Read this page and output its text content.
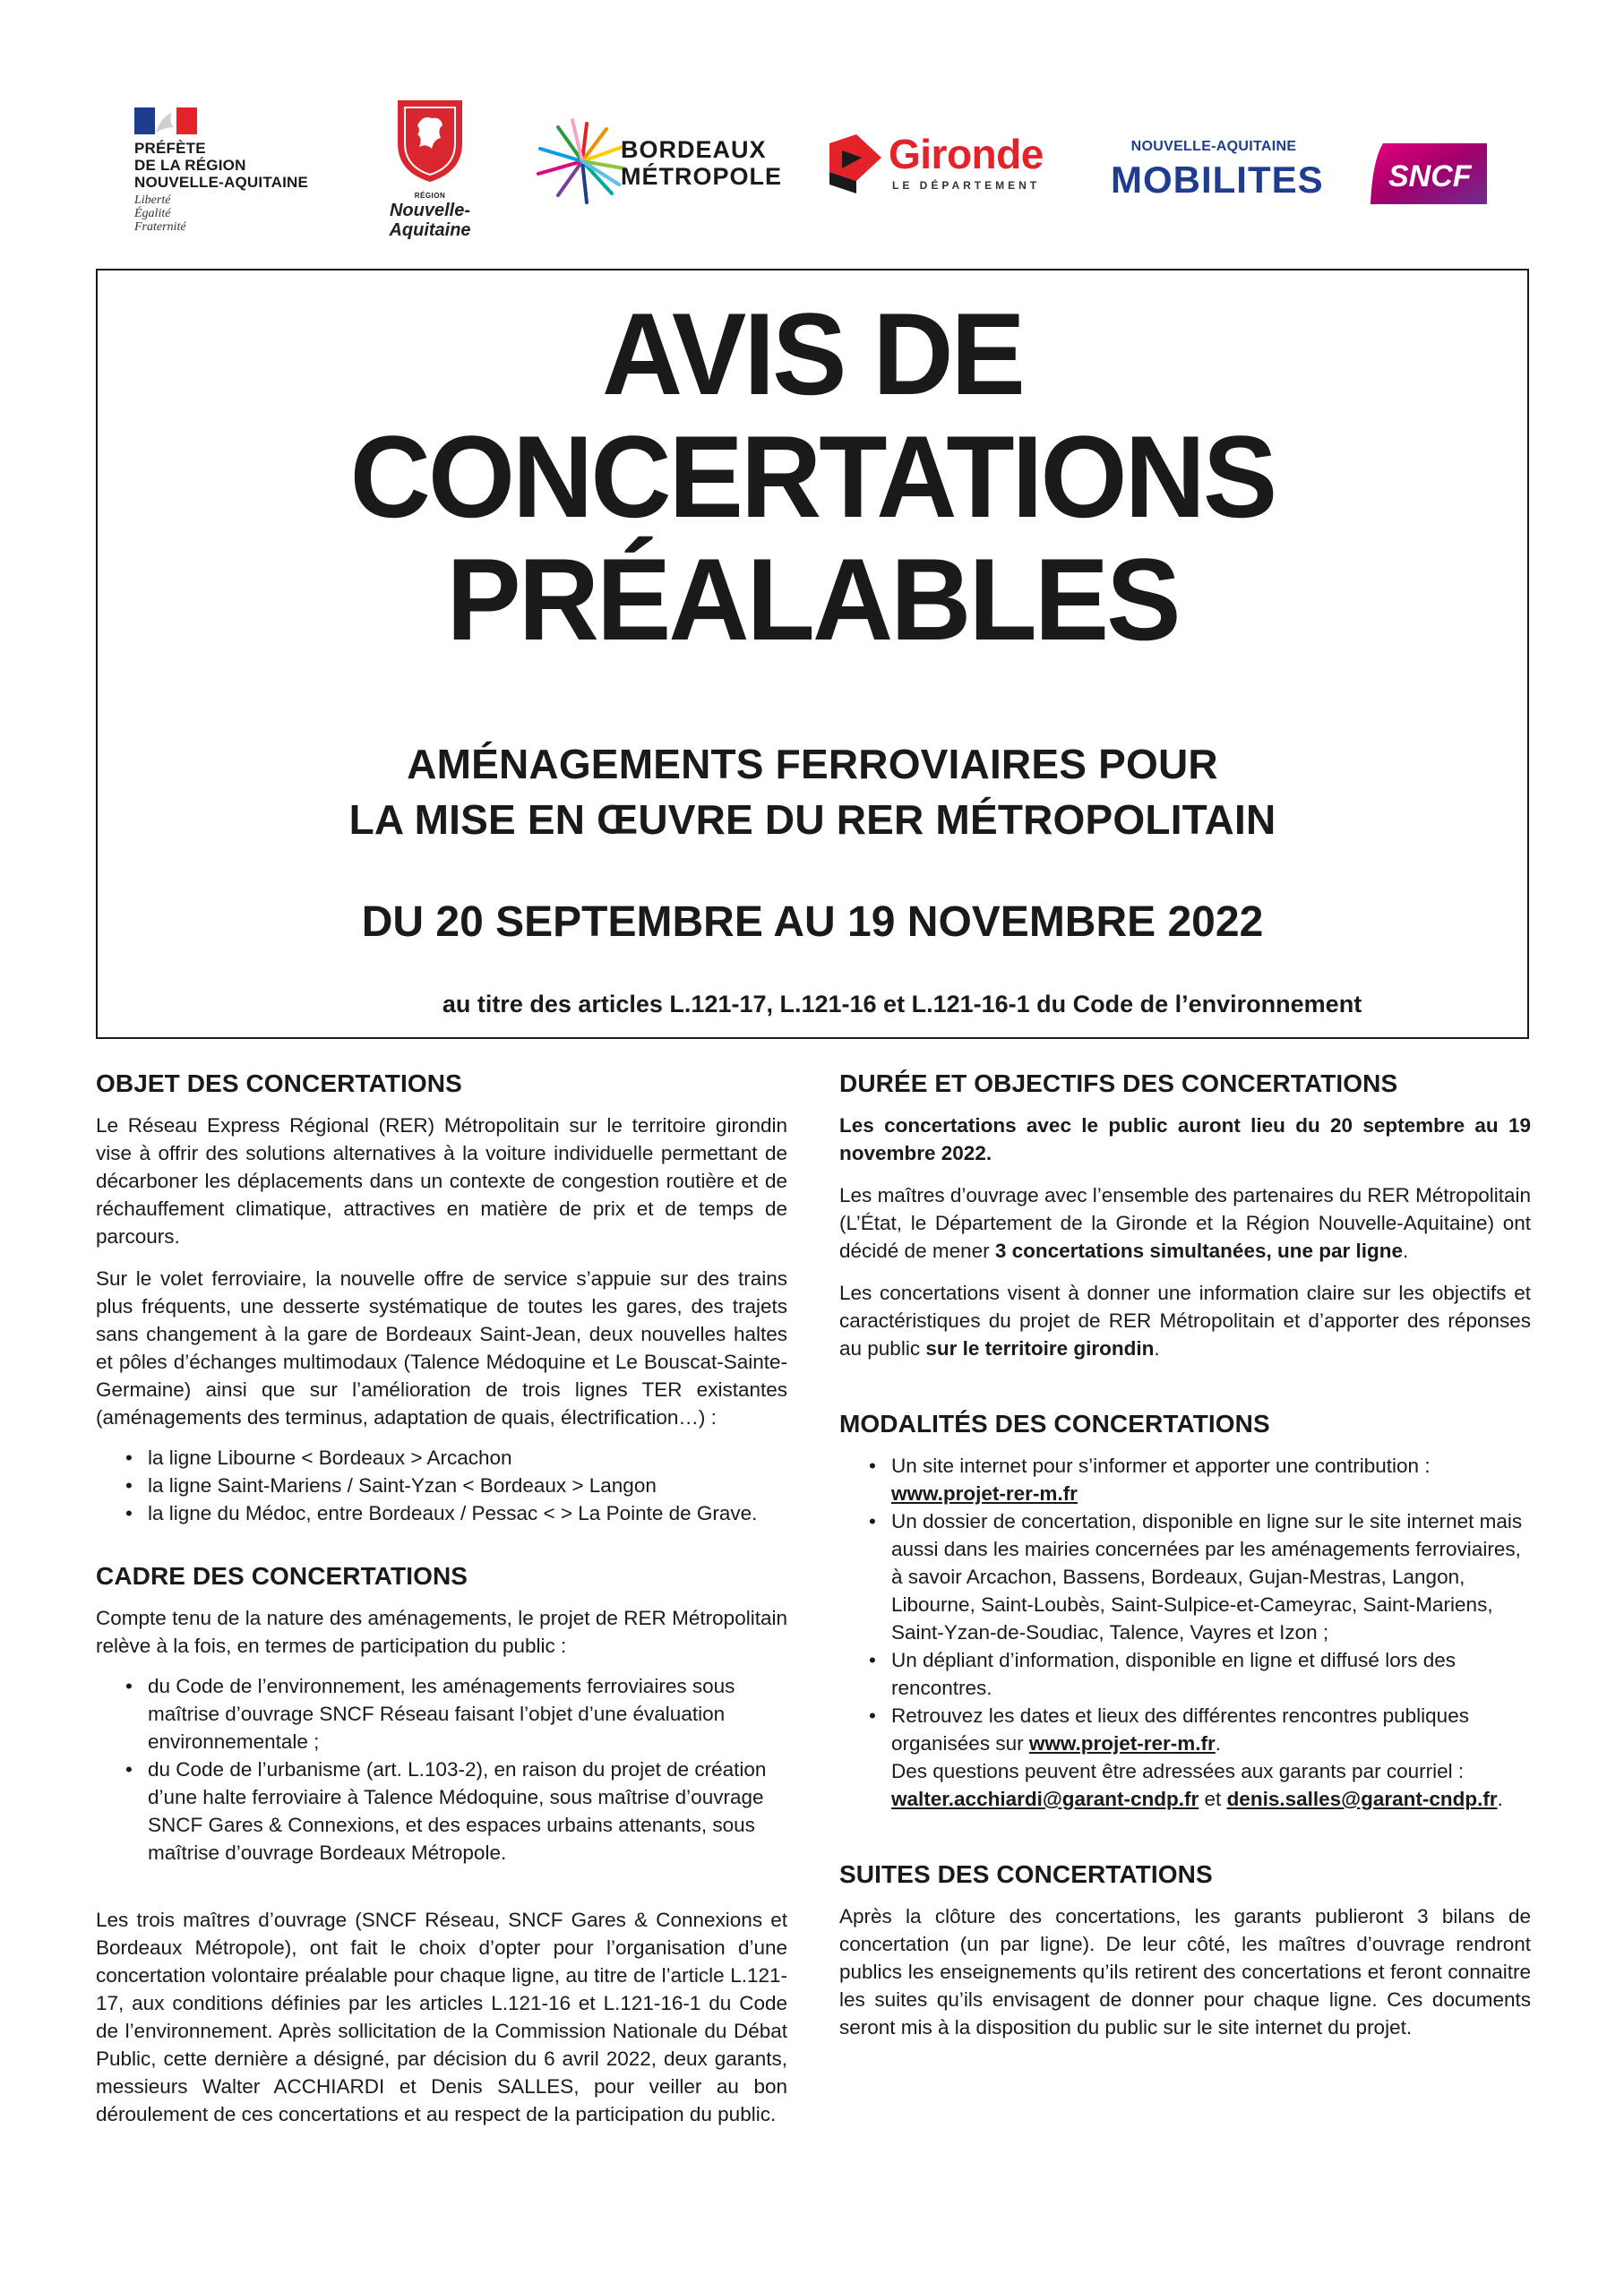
PRÉFÈTE
DE LA RÉGION
NOUVELLE-AQUITAINE
Liberté
Égalité
Fraternité
RÉGION
Nouvelle-
Aquitaine
BORDEAUX
MÉTROPOLE	Gironde
LE DÉPARTEMENT
NOUVELLE-AQUITAINE
MOBILITES SNCF
AVIS DE
CONCERTATIONS
PRÉALABLES
AMÉNAGEMENTS FERROVIAIRES POUR
LA MISE EN ŒUVRE DU RER MÉTROPOLITAIN
DU 20 SEPTEMBRE AU 19 NOVEMBRE 2022
au titre des articles L.121-17, L.121-16 et L.121-16-1 du Code de l’environnement
OBJET DES CONCERTATIONS

Le Réseau Express Régional (RER) Métropolitain sur le territoire girondin vise à offrir des solutions alternatives à la voiture individuelle permettant de décarboner les déplacements dans un contexte de congestion routière et de réchauffement climatique, attractives en matière de prix et de temps de parcours.

Sur le volet ferroviaire, la nouvelle offre de service s’appuie sur des trains plus fréquents, une desserte systématique de toutes les gares, des trajets sans changement à la gare de Bordeaux Saint-Jean, deux nouvelles haltes et pôles d’échanges multimodaux (Talence Médoquine et Le Bouscat-Sainte-Germaine) ainsi que sur l’amélioration de trois lignes TER existantes (aménagements des terminus, adaptation de quais, électrification…) :

• la ligne Libourne < Bordeaux > Arcachon
• la ligne Saint-Mariens / Saint-Yzan < Bordeaux > Langon
• la ligne du Médoc, entre Bordeaux / Pessac < > La Pointe de Grave.
CADRE DES CONCERTATIONS

Compte tenu de la nature des aménagements, le projet de RER Métropolitain relève à la fois, en termes de participation du public :

• du Code de l’environnement, les aménagements ferroviaires sous maîtrise d’ouvrage SNCF Réseau faisant l’objet d’une évaluation environnementale ;
• du Code de l’urbanisme (art. L.103-2), en raison du projet de création d’une halte ferroviaire à Talence Médoquine, sous maîtrise d’ouvrage SNCF Gares & Connexions, et des espaces urbains attenants, sous maîtrise d’ouvrage Bordeaux Métropole.

Les trois maîtres d’ouvrage (SNCF Réseau, SNCF Gares & Connexions et Bordeaux Métropole), ont fait le choix d’opter pour l’organisation d’une concertation volontaire préalable pour chaque ligne, au titre de l’article L.121-17, aux conditions définies par les articles L.121-16 et L.121-16-1 du Code de l’environnement. Après sollicitation de la Commission Nationale du Débat Public, cette dernière a désigné, par décision du 6 avril 2022, deux garants, messieurs Walter ACCHIARDI et Denis SALLES, pour veiller au bon déroulement de ces concertations et au respect de la participation du public.

DURÉE ET OBJECTIFS DES CONCERTATIONS

Les concertations avec le public auront lieu du 20 septembre au 19 novembre 2022.

Les maîtres d’ouvrage avec l’ensemble des partenaires du RER Métropolitain (L’État, le Département de la Gironde et la Région Nouvelle-Aquitaine) ont décidé de mener 3 concertations simultanées, une par ligne.

Les concertations visent à donner une information claire sur les objectifs et caractéristiques du projet de RER Métropolitain et d’apporter des réponses au public sur le territoire girondin.

MODALITÉS DES CONCERTATIONS
• Un site internet pour s’informer et apporter une contribution :
www.projet-rer-m.fr
• Un dossier de concertation, disponible en ligne sur le site internet mais aussi dans les mairies concernées par les aménagements ferroviaires, à savoir Arcachon, Bassens, Bordeaux, Gujan-Mestras, Langon, Libourne, Saint-Loubès, Saint-Sulpice-et-Cameyrac, Saint-Mariens, Saint-Yzan-de-Soudiac, Talence, Vayres et Izon ;
• Un dépliant d’information, disponible en ligne et diffusé lors des rencontres.
• Retrouvez les dates et lieux des différentes rencontres publiques organisées sur www.projet-rer-m.fr.
Des questions peuvent être adressées aux garants par courriel : walter.acchiardi@garant-cndp.fr et denis.salles@garant-cndp.fr.
SUITES DES CONCERTATIONS

Après la clôture des concertations, les garants publieront 3 bilans de concertation (un par ligne). De leur côté, les maîtres d’ouvrage rendront publics les enseignements qu’ils retirent des concertations et feront connaitre les suites qu’ils envisagent de donner pour chaque ligne. Ces documents seront mis à la disposition du public sur le site internet du projet.
